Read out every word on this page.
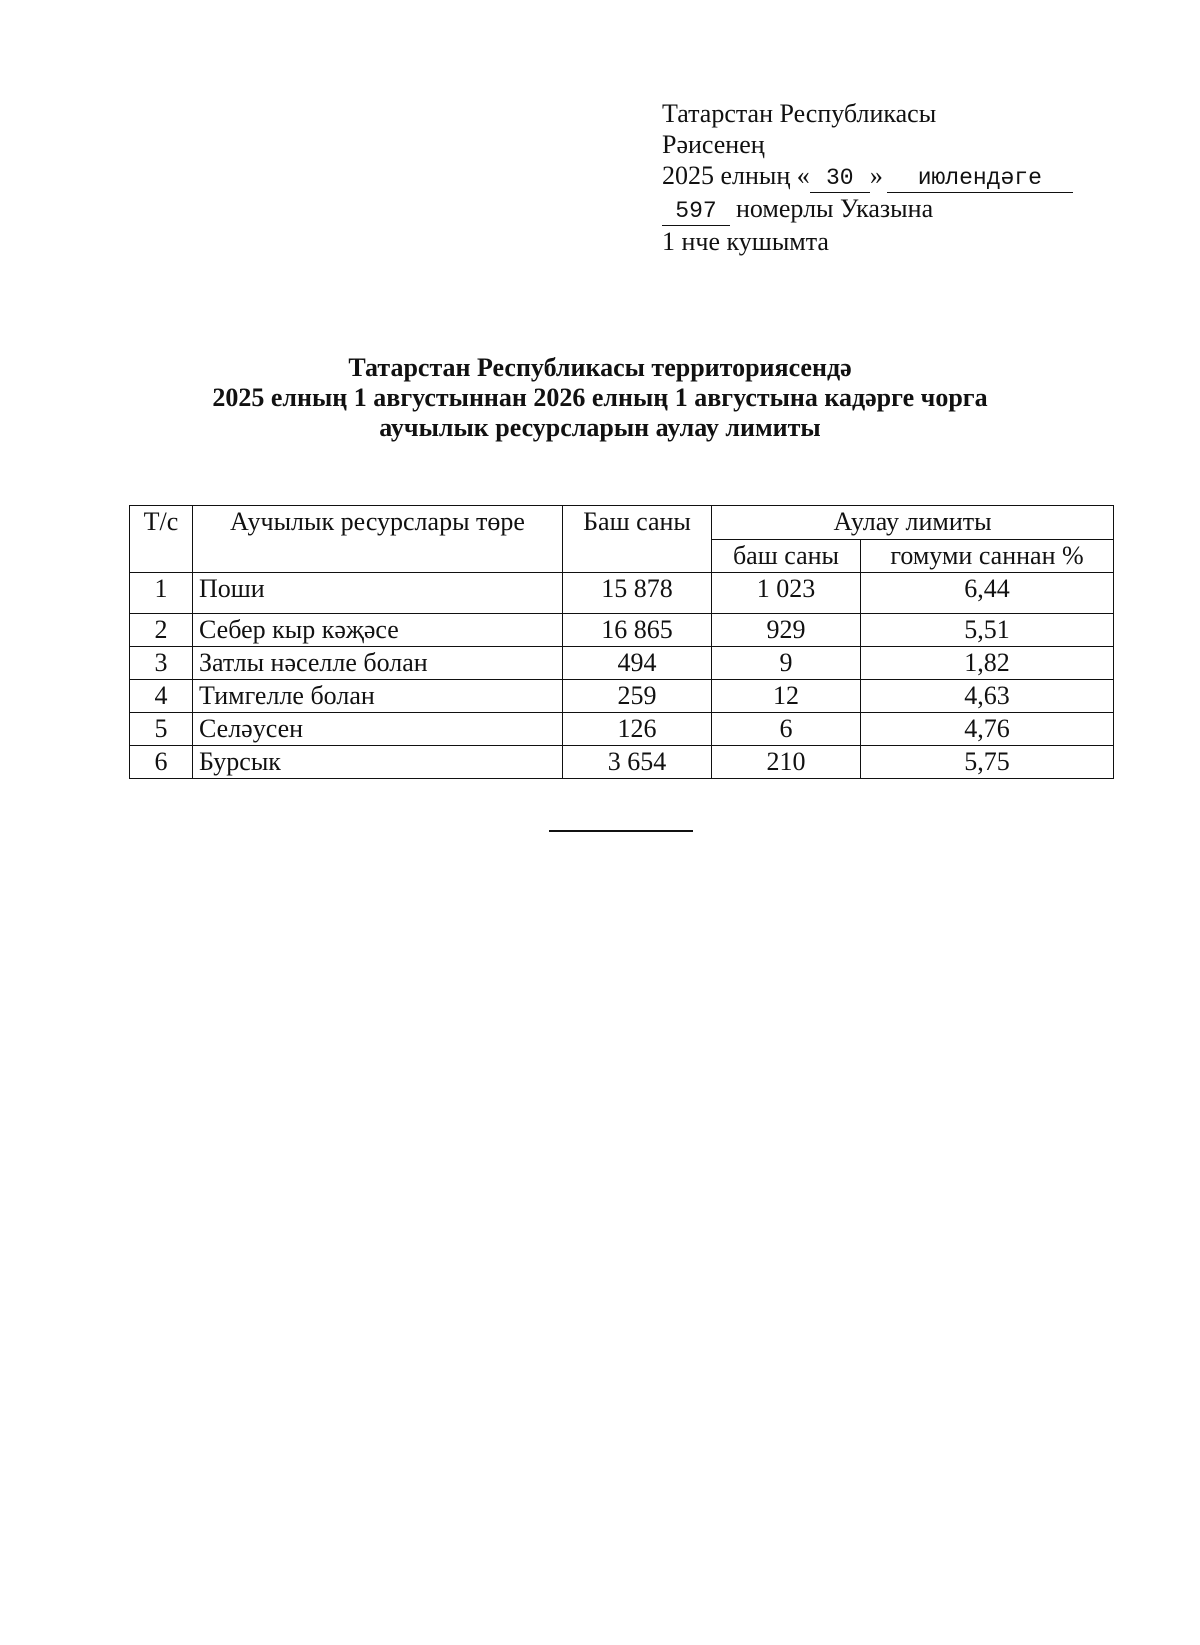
Татарстан Республикасы
Рәисенең
2025 елның « 30 » июлендәге
597 номерлы Указына
1 нче кушымта
Татарстан Республикасы территориясендә
2025 елның 1 августыннан 2026 елның 1 августына кадәрге чорга
аучылык ресурсларын аулау лимиты
Т/с	Аучылык ресурслары төре	Баш саны	Аулау лимиты	
			баш саны	гомуми саннан %
1	Поши	15 878	1 023	6,44
2	Себер кыр кәҗәсе	16 865	929	5,51
3	Затлы нәселле болан	494	9	1,82
4	Тимгелле болан	259	12	4,63
5	Селәусен	126	6	4,76
6	Бурсык	3 654	210	5,75
